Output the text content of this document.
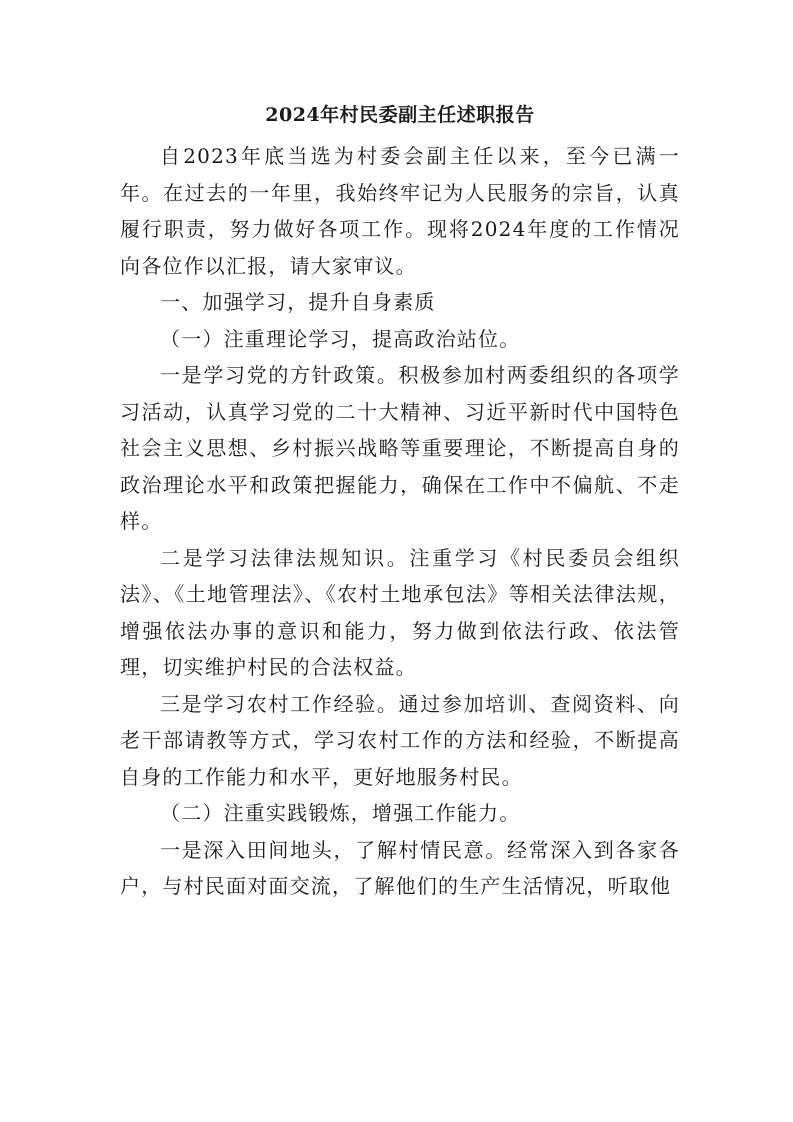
2024年村民委副主任述职报告

自2023年底当选为村委会副主任以来，至今已满一年。在过去的一年里，我始终牢记为人民服务的宗旨，认真履行职责，努力做好各项工作。现将2024年度的工作情况向各位作以汇报，请大家审议。

一、加强学习，提升自身素质

（一）注重理论学习，提高政治站位。

一是学习党的方针政策。积极参加村两委组织的各项学习活动，认真学习党的二十大精神、习近平新时代中国特色社会主义思想、乡村振兴战略等重要理论，不断提高自身的政治理论水平和政策把握能力，确保在工作中不偏航、不走样。

二是学习法律法规知识。注重学习《村民委员会组织法》、《土地管理法》、《农村土地承包法》等相关法律法规，增强依法办事的意识和能力，努力做到依法行政、依法管理，切实维护村民的合法权益。

三是学习农村工作经验。通过参加培训、查阅资料、向老干部请教等方式，学习农村工作的方法和经验，不断提高自身的工作能力和水平，更好地服务村民。

（二）注重实践锻炼，增强工作能力。

一是深入田间地头，了解村情民意。经常深入到各家各户，与村民面对面交流，了解他们的生产生活情况，听取他
